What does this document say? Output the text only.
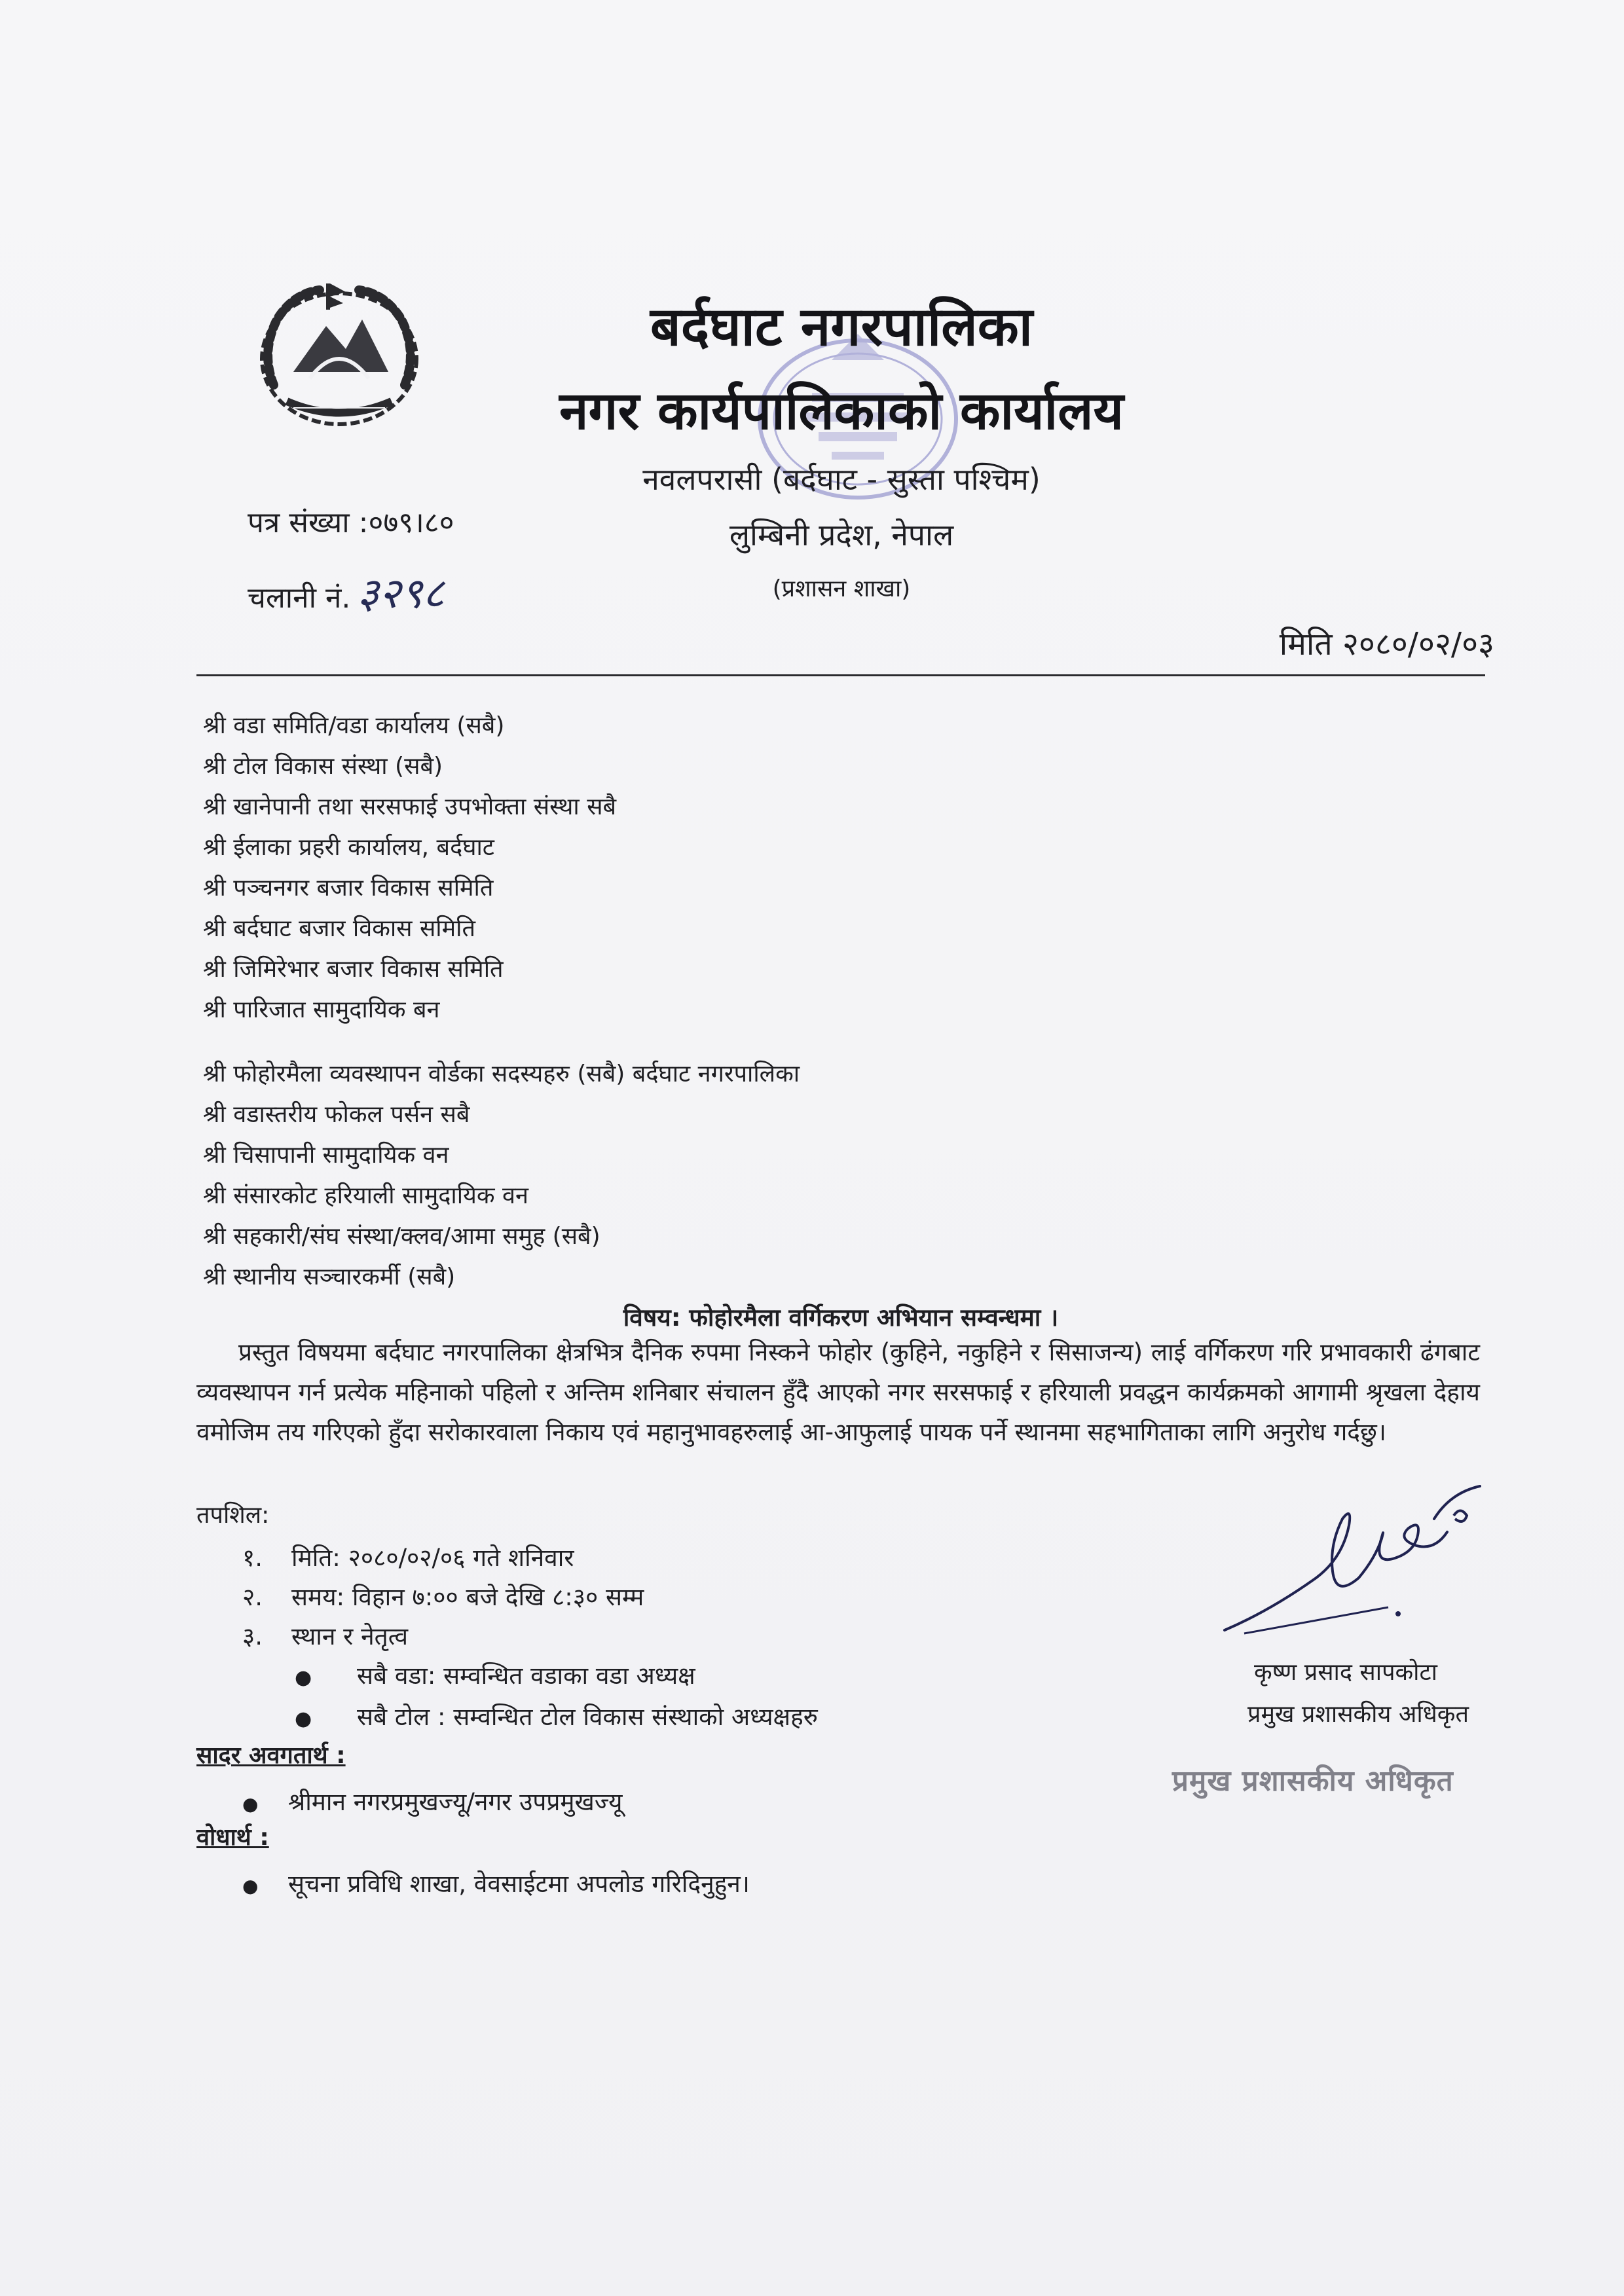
बर्दघाट नगरपालिका
नगर कार्यपालिकाको कार्यालय
नवलपरासी (बर्दघाट - सुस्ता पश्चिम)
लुम्बिनी प्रदेश, नेपाल
(प्रशासन शाखा)
पत्र संख्या :०७९।८०
चलानी नं. ३२९८
मिति २०८०/०२/०३
श्री वडा समिति/वडा कार्यालय (सबै)
श्री टोल विकास संस्था (सबै)
श्री खानेपानी तथा सरसफाई उपभोक्ता संस्था सबै
श्री ईलाका प्रहरी कार्यालय, बर्दघाट
श्री पञ्चनगर बजार विकास समिति
श्री बर्दघाट बजार विकास समिति
श्री जिमिरेभार बजार विकास समिति
श्री पारिजात सामुदायिक बन
श्री फोहोरमैला व्यवस्थापन वोर्डका सदस्यहरु (सबै) बर्दघाट नगरपालिका
श्री वडास्तरीय फोकल पर्सन सबै
श्री चिसापानी सामुदायिक वन
श्री संसारकोट हरियाली सामुदायिक वन
श्री सहकारी/संघ संस्था/क्लव/आमा समुह (सबै)
श्री स्थानीय सञ्चारकर्मी (सबै)
विषय: फोहोरमैला वर्गिकरण अभियान सम्वन्धमा ।
प्रस्तुत विषयमा बर्दघाट नगरपालिका क्षेत्रभित्र दैनिक रुपमा निस्कने फोहोर (कुहिने, नकुहिने र सिसाजन्य) लाई वर्गिकरण गरि प्रभावकारी ढंगबाट व्यवस्थापन गर्न प्रत्येक महिनाको पहिलो र अन्तिम शनिबार संचालन हुँदै आएको नगर सरसफाई र हरियाली प्रवद्धन कार्यक्रमको आगामी श्रृखला देहाय वमोजिम तय गरिएको हुँदा सरोकारवाला निकाय एवं महानुभावहरुलाई आ-आफुलाई पायक पर्ने स्थानमा सहभागिताका लागि अनुरोध गर्दछु।
तपशिल:
१. मिति: २०८०/०२/०६ गते शनिवार
२. समय: विहान ७:०० बजे देखि ८:३० सम्म
३. स्थान र नेतृत्व
● सबै वडा: सम्वन्धित वडाका वडा अध्यक्ष
● सबै टोल : सम्वन्धित टोल विकास संस्थाको अध्यक्षहरु
सादर अवगतार्थ :
● श्रीमान नगरप्रमुखज्यू/नगर उपप्रमुखज्यू
वोधार्थ :
● सूचना प्रविधि शाखा, वेवसाईटमा अपलोड गरिदिनुहुन।
कृष्ण प्रसाद सापकोटा
प्रमुख प्रशासकीय अधिकृत
प्रमुख प्रशासकीय अधिकृत
